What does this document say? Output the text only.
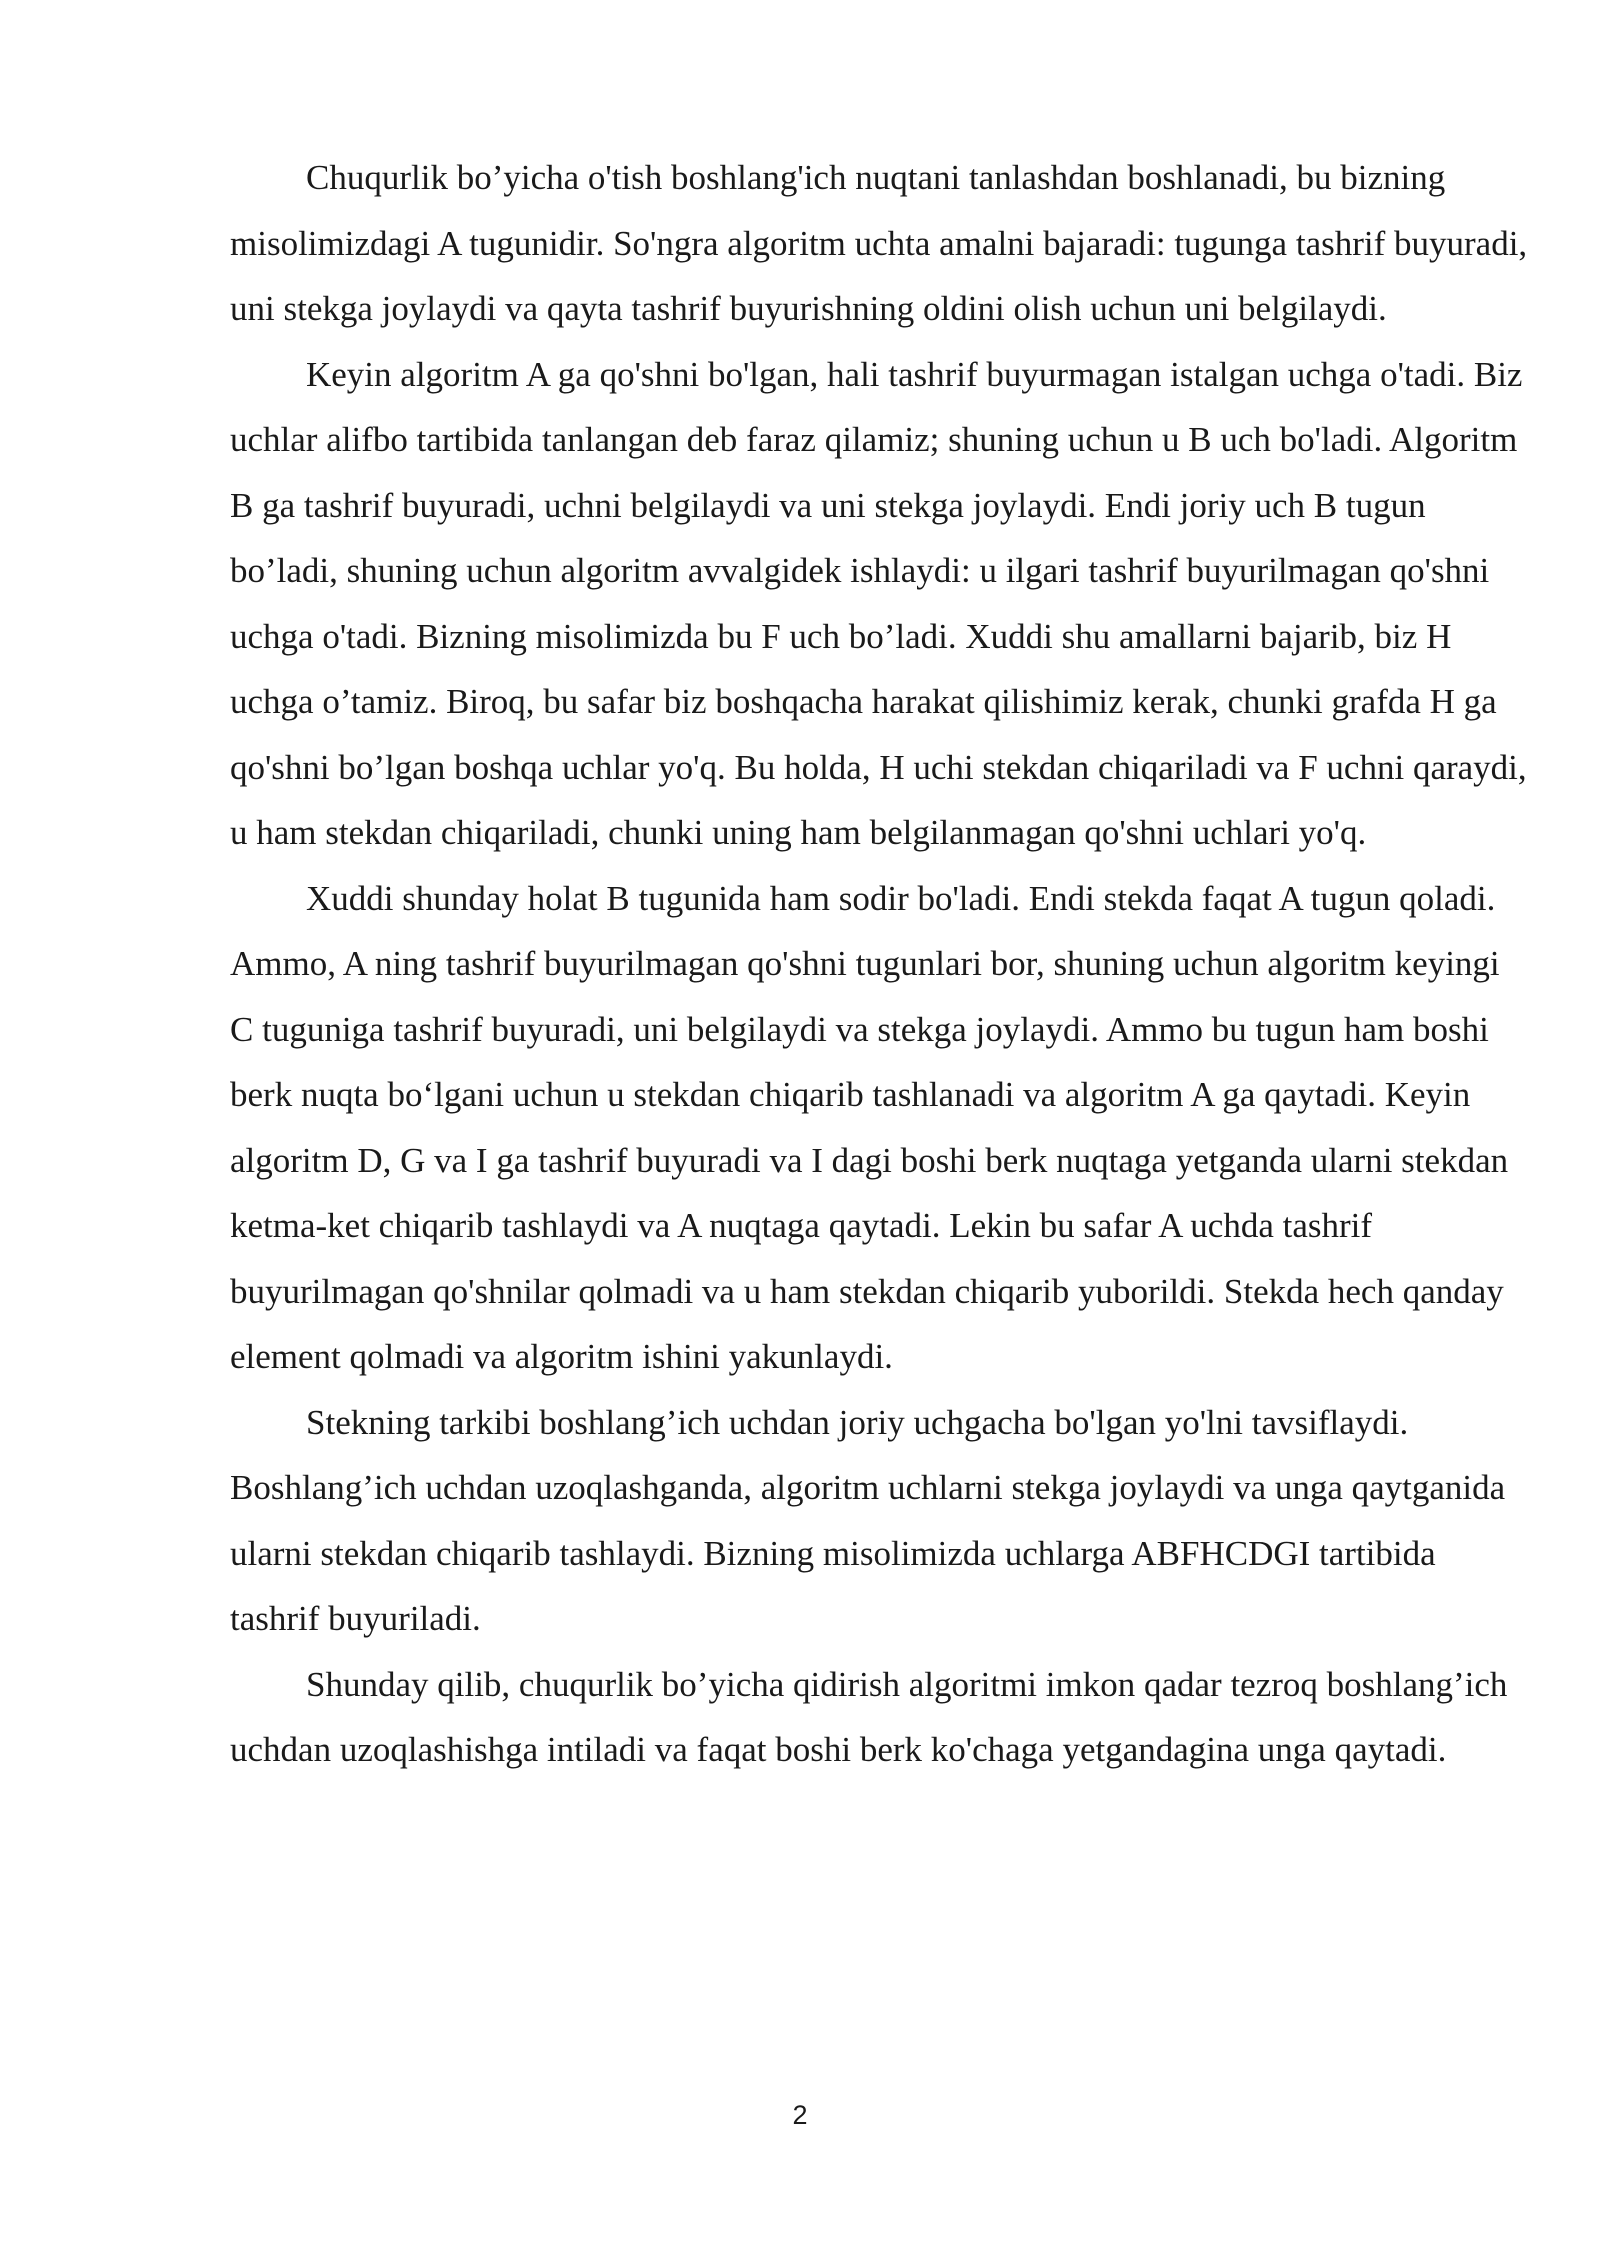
Chuqurlik bo’yicha o'tish boshlang'ich nuqtani tanlashdan boshlanadi, bu bizning misolimizdagi A tugunidir. So'ngra algoritm uchta amalni bajaradi: tugunga tashrif buyuradi, uni stekga joylaydi va qayta tashrif buyurishning oldini olish uchun uni belgilaydi.

Keyin algoritm A ga qo'shni bo'lgan, hali tashrif buyurmagan istalgan uchga o'tadi. Biz uchlar alifbo tartibida tanlangan deb faraz qilamiz; shuning uchun u B uch bo'ladi. Algoritm B ga tashrif buyuradi, uchni belgilaydi va uni stekga joylaydi. Endi joriy uch B tugun bo’ladi, shuning uchun algoritm avvalgidek ishlaydi: u ilgari tashrif buyurilmagan qo'shni uchga o'tadi. Bizning misolimizda bu F uch bo’ladi. Xuddi shu amallarni bajarib, biz H uchga o’tamiz. Biroq, bu safar biz boshqacha harakat qilishimiz kerak, chunki grafda H ga qo'shni bo’lgan boshqa uchlar yo'q. Bu holda, H uchi stekdan chiqariladi va F uchni qaraydi, u ham stekdan chiqariladi, chunki uning ham belgilanmagan qo'shni uchlari yo'q.

Xuddi shunday holat B tugunida ham sodir bo'ladi. Endi stekda faqat A tugun qoladi. Ammo, A ning tashrif buyurilmagan qo'shni tugunlari bor, shuning uchun algoritm keyingi C tuguniga tashrif buyuradi, uni belgilaydi va stekga joylaydi. Ammo bu tugun ham boshi berk nuqta bo‘lgani uchun u stekdan chiqarib tashlanadi va algoritm A ga qaytadi. Keyin algoritm D, G va I ga tashrif buyuradi va I dagi boshi berk nuqtaga yetganda ularni stekdan ketma-ket chiqarib tashlaydi va A nuqtaga qaytadi. Lekin bu safar A uchda tashrif buyurilmagan qo'shnilar qolmadi va u ham stekdan chiqarib yuborildi. Stekda hech qanday element qolmadi va algoritm ishini yakunlaydi.

Stekning tarkibi boshlang’ich uchdan joriy uchgacha bo'lgan yo'lni tavsiflaydi. Boshlang’ich uchdan uzoqlashganda, algoritm uchlarni stekga joylaydi va unga qaytganida ularni stekdan chiqarib tashlaydi. Bizning misolimizda uchlarga ABFHCDGI tartibida tashrif buyuriladi.

Shunday qilib, chuqurlik bo’yicha qidirish algoritmi imkon qadar tezroq boshlang’ich uchdan uzoqlashishga intiladi va faqat boshi berk ko'chaga yetgandagina unga qaytadi.

2
